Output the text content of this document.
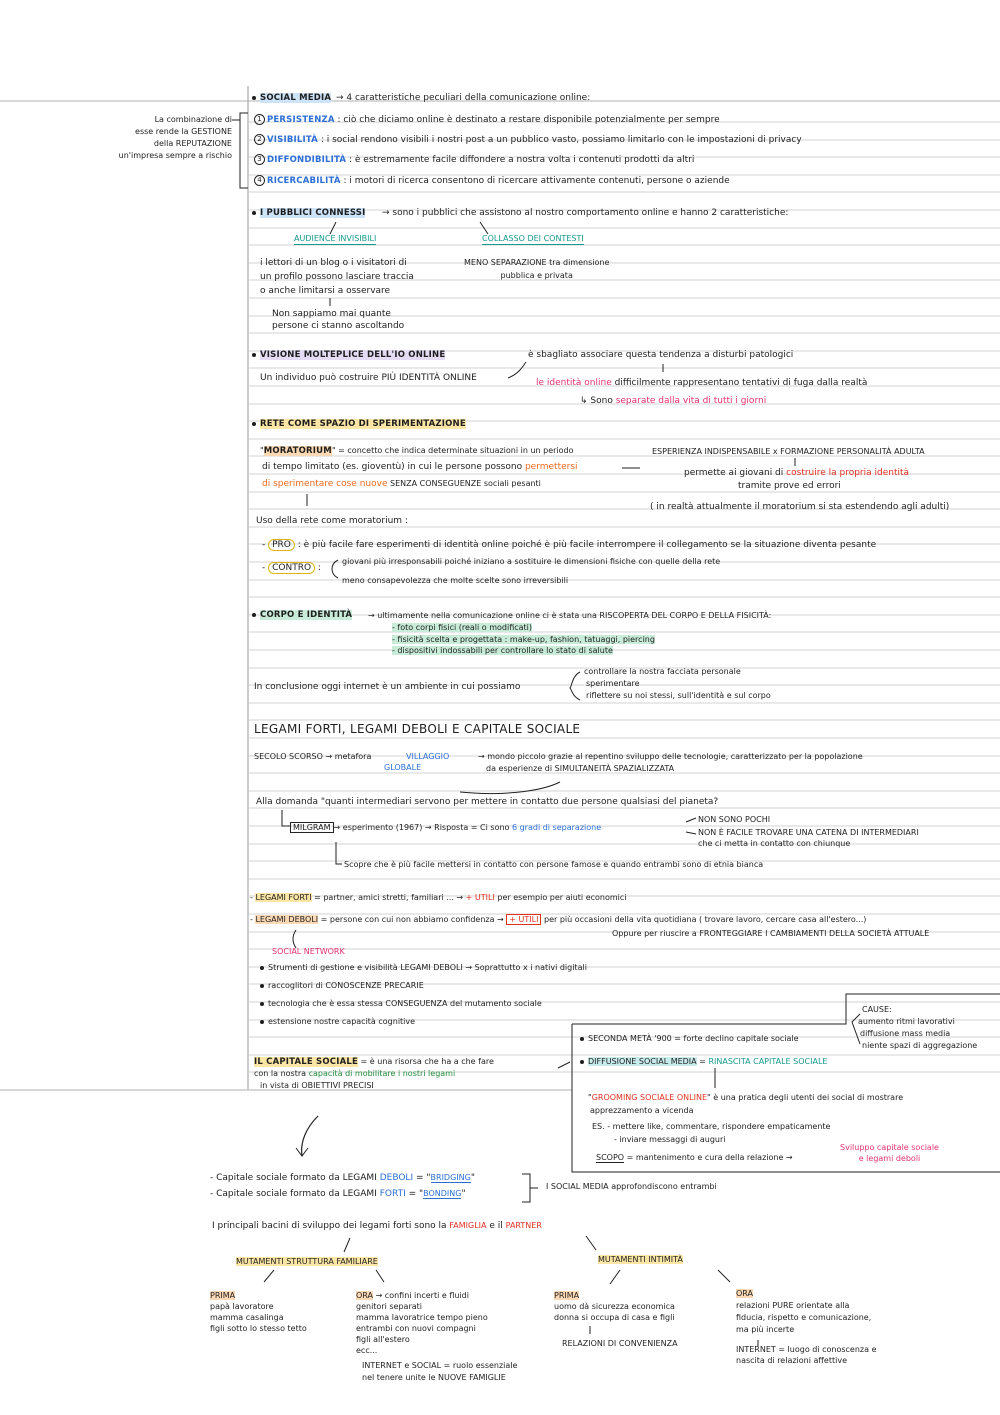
SOCIAL MEDIA → 4 caratteristiche peculiari della comunicazione online:
La combinazione di
esse rende la GESTIONE
della REPUTAZIONE
un'impresa sempre a rischio
1 PERSISTENZA : ciò che diciamo online è destinato a restare disponibile potenzialmente per sempre
2 VISIBILITÀ : i social rendono visibili i nostri post a un pubblico vasto, possiamo limitarlo con le impostazioni di privacy
3 DIFFONDIBILITÀ : è estremamente facile diffondere a nostra volta i contenuti prodotti da altri
4 RICERCABILITÀ : i motori di ricerca consentono di ricercare attivamente contenuti, persone o aziende
I PUBBLICI CONNESSI → sono i pubblici che assistono al nostro comportamento online e hanno 2 caratteristiche:
AUDIENCE INVISIBILI	COLLASSO DEI CONTESTI
i lettori di un blog o i visitatori di
un profilo possono lasciare traccia
o anche limitarsi a osservare
Non sappiamo mai quante
persone ci stanno ascoltando
MENO SEPARAZIONE tra dimensione
pubblica e privata
VISIONE MOLTEPLICE DELL'IO ONLINE
Un individuo può costruire PIÙ IDENTITÀ ONLINE
è sbagliato associare questa tendenza a disturbi patologici
le identità online difficilmente rappresentano tentativi di fuga dalla realtà
↳ Sono separate dalla vita di tutti i giorni
RETE COME SPAZIO DI SPERIMENTAZIONE
"MORATORIUM" = concetto che indica determinate situazioni in un periodo
di tempo limitato (es. gioventù) in cui le persone possono permettersi
di sperimentare cose nuove SENZA CONSEGUENZE sociali pesanti
ESPERIENZA INDISPENSABILE x FORMAZIONE PERSONALITÀ ADULTA
permette ai giovani di costruire la propria identità
tramite prove ed errori
( in realtà attualmente il moratorium si sta estendendo agli adulti)
Uso della rete come moratorium :
- PRO : è più facile fare esperimenti di identità online poiché è più facile interrompere il collegamento se la situazione diventa pesante
- CONTRO :
giovani più irresponsabili poiché iniziano a sostituire le dimensioni fisiche con quelle della rete
meno consapevolezza che molte scelte sono irreversibili
CORPO E IDENTITÀ → ultimamente nella comunicazione online ci è stata una RISCOPERTA DEL CORPO E DELLA FISICITÀ:
- foto corpi fisici (reali o modificati)
- fisicità scelta e progettata : make-up, fashion, tatuaggi, piercing
- dispositivi indossabili per controllare lo stato di salute
In conclusione oggi internet è un ambiente in cui possiamo
controllare la nostra facciata personale
sperimentare
riflettere su noi stessi, sull'identità e sul corpo
LEGAMI FORTI, LEGAMI DEBOLI E CAPITALE SOCIALE
SECOLO SCORSO → metafora	VILLAGGIO
GLOBALE
→ mondo piccolo grazie al repentino sviluppo delle tecnologie, caratterizzato per la popolazione
da esperienze di SIMULTANEITÀ SPAZIALIZZATA
Alla domanda "quanti intermediari servono per mettere in contatto due persone qualsiasi del pianeta?
MILGRAM → esperimento (1967) → Risposta = Ci sono 6 gradi di separazione
NON SONO POCHI
NON È FACILE TROVARE UNA CATENA DI INTERMEDIARI
che ci metta in contatto con chiunque
Scopre che è più facile mettersi in contatto con persone famose e quando entrambi sono di etnia bianca
- LEGAMI FORTI = partner, amici stretti, familiari ... → + UTILI per esempio per aiuti economici
- LEGAMI DEBOLI = persone con cui non abbiamo confidenza → + UTILI per più occasioni della vita quotidiana ( trovare lavoro, cercare casa all'estero...)
Oppure per riuscire a FRONTEGGIARE I CAMBIAMENTI DELLA SOCIETÀ ATTUALE
SOCIAL NETWORK
Strumenti di gestione e visibilità LEGAMI DEBOLI → Soprattutto x i nativi digitali
raccoglitori di CONOSCENZE PRECARIE
tecnologia che è essa stessa CONSEGUENZA del mutamento sociale
estensione nostre capacità cognitive
IL CAPITALE SOCIALE = è una risorsa che ha a che fare
con la nostra capacità di mobilitare i nostri legami
in vista di OBIETTIVI PRECISI
SECONDA METÀ '900 = forte declino capitale sociale
DIFFUSIONE SOCIAL MEDIA = RINASCITA CAPITALE SOCIALE
CAUSE:
aumento ritmi lavorativi
diffusione mass media
niente spazi di aggregazione
"GROOMING SOCIALE ONLINE" è una pratica degli utenti dei social di mostrare
apprezzamento a vicenda
ES. - mettere like, commentare, rispondere empaticamente
- inviare messaggi di auguri
SCOPO = mantenimento e cura della relazione →
Sviluppo capitale sociale
e legami deboli
- Capitale sociale formato da LEGAMI DEBOLI = "BRIDGING"
- Capitale sociale formato da LEGAMI FORTI = "BONDING"
I SOCIAL MEDIA approfondiscono entrambi
I principali bacini di sviluppo dei legami forti sono la FAMIGLIA e il PARTNER
MUTAMENTI STRUTTURA FAMILIARE	MUTAMENTI INTIMITÀ
PRIMA
papà lavoratore
mamma casalinga
figli sotto lo stesso tetto
ORA → confini incerti e fluidi
genitori separati
mamma lavoratrice tempo pieno
entrambi con nuovi compagni
figli all'estero
ecc...
INTERNET e SOCIAL = ruolo essenziale
nel tenere unite le NUOVE FAMIGLIE
PRIMA
uomo dà sicurezza economica
donna si occupa di casa e figli
RELAZIONI DI CONVENIENZA
ORA
relazioni PURE orientate alla
fiducia, rispetto e comunicazione,
ma più incerte
INTERNET = luogo di conoscenza e
nascita di relazioni affettive
